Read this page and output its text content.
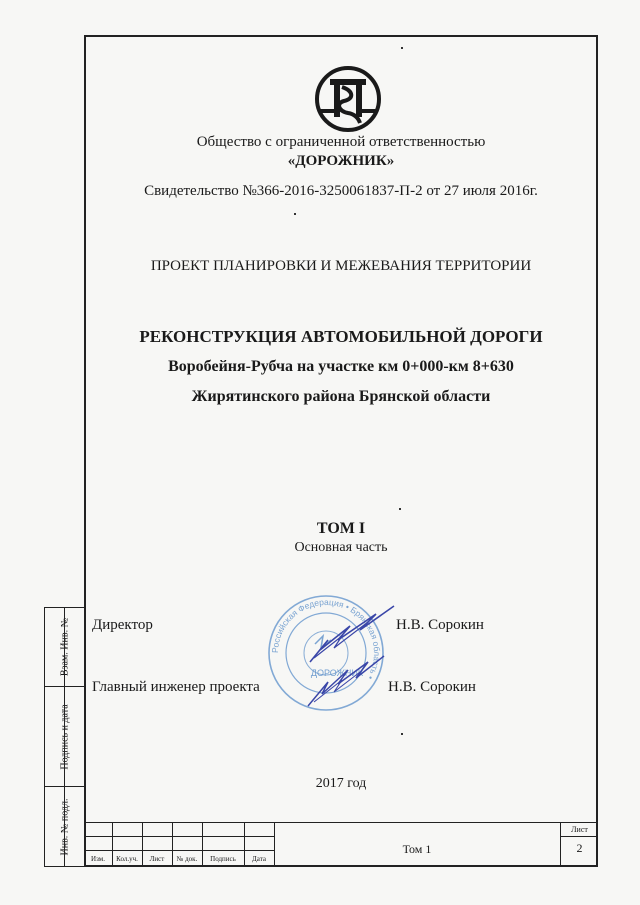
Взам. Инв. №
Подпись и дата
Инв. № подл.
Общество с ограниченной ответственностью
«ДОРОЖНИК»
Свидетельство №366-2016-3250061837-П-2 от 27 июля 2016г.
ПРОЕКТ ПЛАНИРОВКИ И МЕЖЕВАНИЯ ТЕРРИТОРИИ
РЕКОНСТРУКЦИЯ АВТОМОБИЛЬНОЙ ДОРОГИ
Воробейня-Рубча на участке км 0+000-км 8+630
Жирятинского района Брянской области
ТОМ I
Основная часть
Российская Федерация • Брянская область •
ДОРОЖНИК
Директор	Н.В. Сорокин
Главный инженер проекта	Н.В. Сорокин
2017 год
Изм.	Кол.уч.	Лист	№ док.	Подпись	Дата
Том 1
Лист
2
